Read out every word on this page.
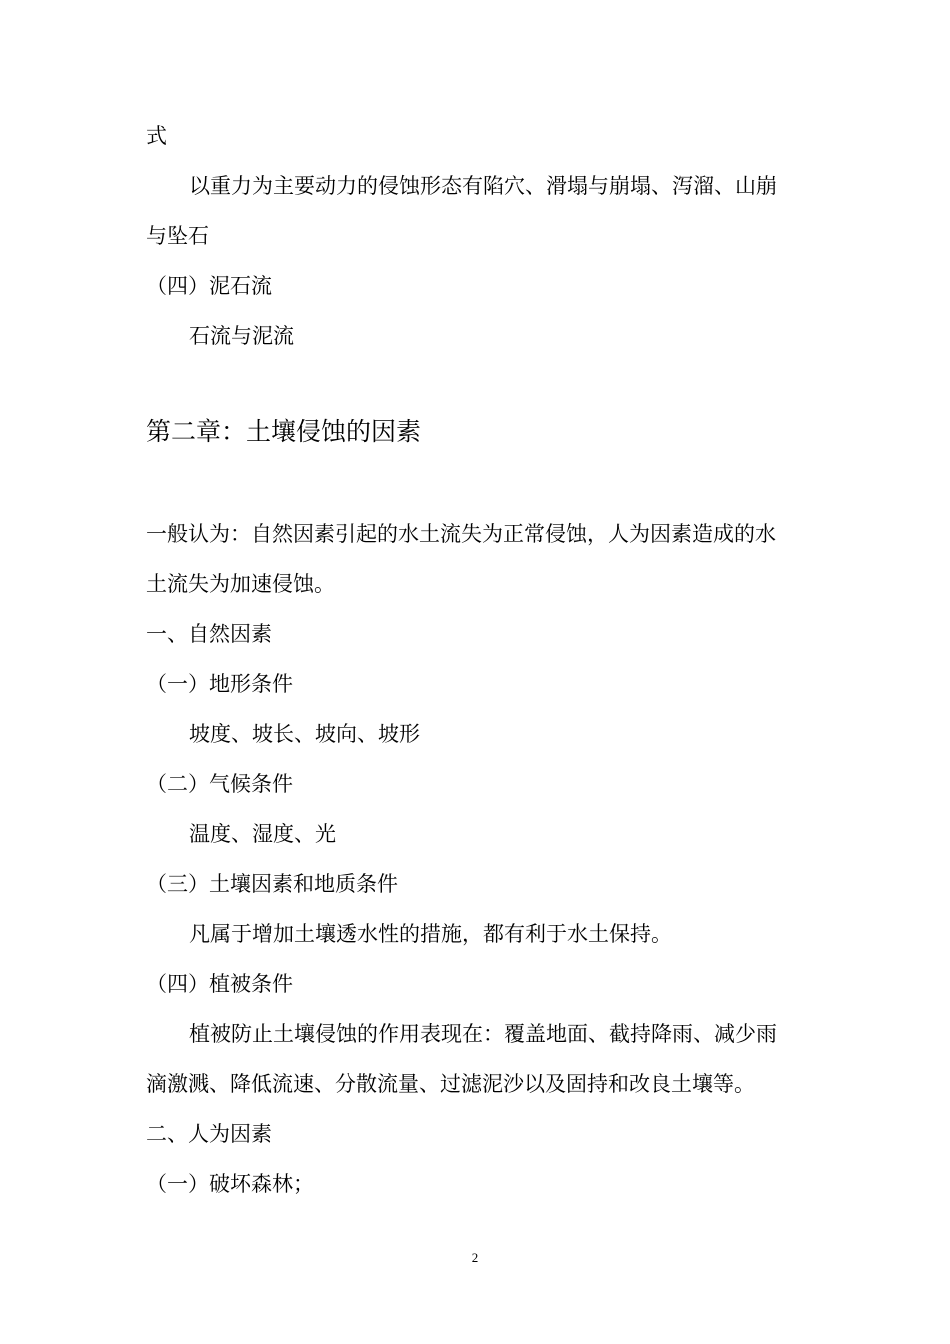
式
以重力为主要动力的侵蚀形态有陷穴、滑塌与崩塌、泻溜、山崩
与坠石
（四）泥石流
石流与泥流
第二章：土壤侵蚀的因素
一般认为：自然因素引起的水土流失为正常侵蚀，人为因素造成的水
土流失为加速侵蚀。
一、自然因素
（一）地形条件
坡度、坡长、坡向、坡形
（二）气候条件
温度、湿度、光
（三）土壤因素和地质条件
凡属于增加土壤透水性的措施，都有利于水土保持。
（四）植被条件
植被防止土壤侵蚀的作用表现在：覆盖地面、截持降雨、减少雨
滴激溅、降低流速、分散流量、过滤泥沙以及固持和改良土壤等。
二、人为因素
（一）破坏森林；
2
